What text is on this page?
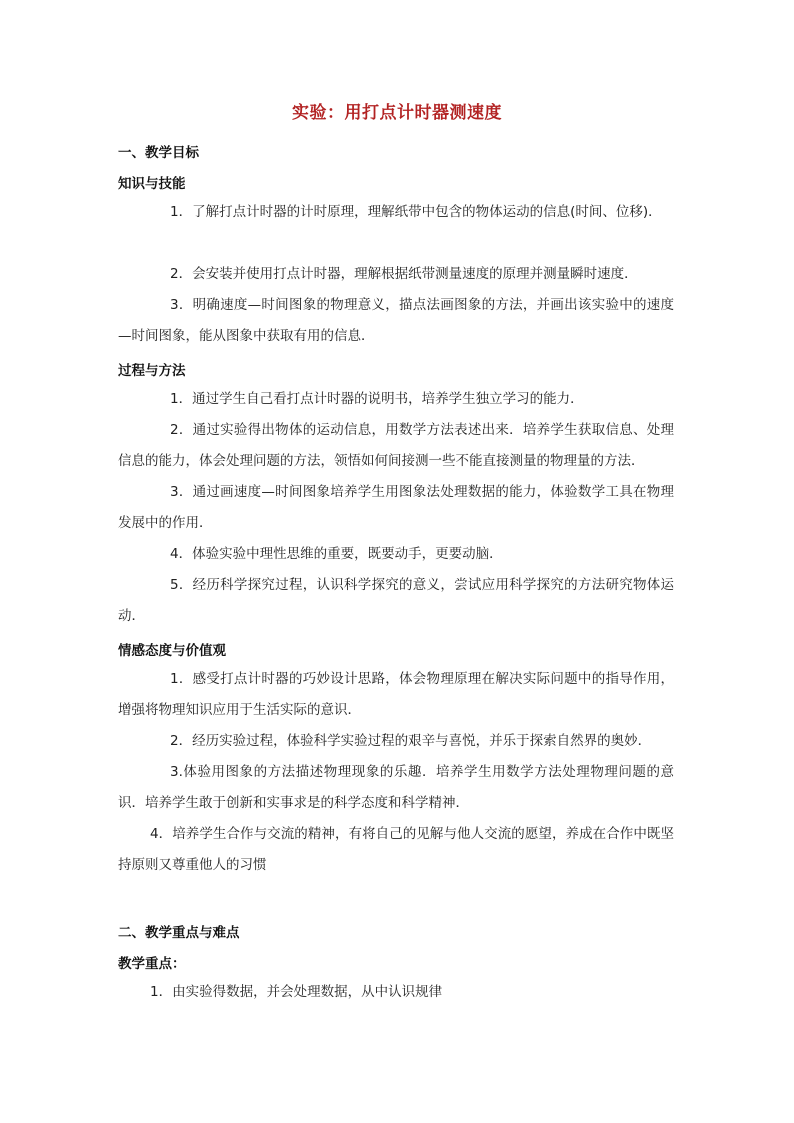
实验：用打点计时器测速度
一、教学目标
知识与技能
1．了解打点计时器的计时原理，理解纸带中包含的物体运动的信息(时间、位移)．
2．会安装并使用打点计时器，理解根据纸带测量速度的原理并测量瞬时速度．
3．明确速度—时间图象的物理意义，描点法画图象的方法，并画出该实验中的速度—时间图象，能从图象中获取有用的信息．
过程与方法
1．通过学生自己看打点计时器的说明书，培养学生独立学习的能力．
2．通过实验得出物体的运动信息，用数学方法表述出来．培养学生获取信息、处理信息的能力，体会处理问题的方法，领悟如何间接测一些不能直接测量的物理量的方法．
3．通过画速度—时间图象培养学生用图象法处理数据的能力，体验数学工具在物理发展中的作用．
4．体验实验中理性思维的重要，既要动手，更要动脑．
5．经历科学探究过程，认识科学探究的意义，尝试应用科学探究的方法研究物体运动．
情感态度与价值观
1．感受打点计时器的巧妙设计思路，体会物理原理在解决实际问题中的指导作用，增强将物理知识应用于生活实际的意识．
2．经历实验过程，体验科学实验过程的艰辛与喜悦，并乐于探索自然界的奥妙．
3.体验用图象的方法描述物理现象的乐趣．培养学生用数学方法处理物理问题的意识．培养学生敢于创新和实事求是的科学态度和科学精神．
4．培养学生合作与交流的精神，有将自己的见解与他人交流的愿望，养成在合作中既坚持原则又尊重他人的习惯
二、教学重点与难点
教学重点：
1．由实验得数据，并会处理数据，从中认识规律
